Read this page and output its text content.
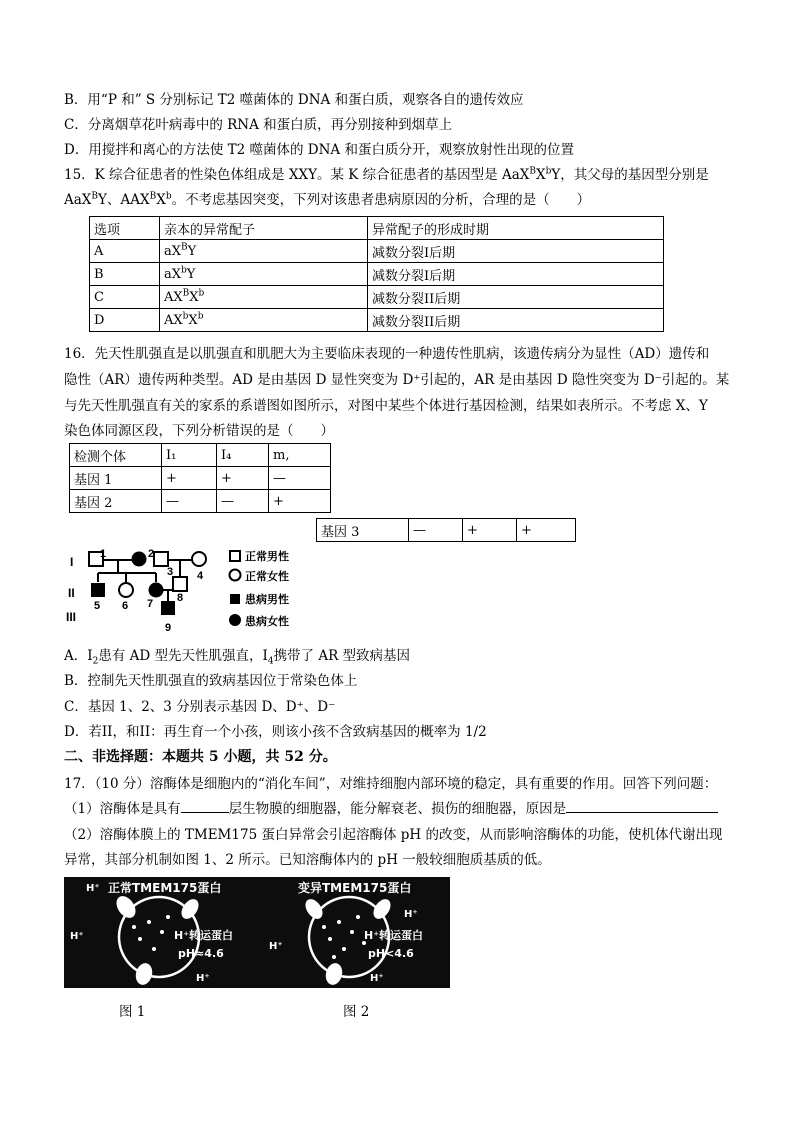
B．用“P 和” S 分别标记 T2 噬菌体的 DNA 和蛋白质，观察各自的遗传效应
C．分离烟草花叶病毒中的 RNA 和蛋白质，再分别接种到烟草上
D．用搅拌和离心的方法使 T2 噬菌体的 DNA 和蛋白质分开，观察放射性出现的位置
15．K 综合征患者的性染色体组成是 XXY。某 K 综合征患者的基因型是 $AaX^BX^bY$，其父母的基因型分别是
AaX$^B$Y、$AAX^BX^b$。不考虑基因突变，下列对该患者患病原因的分析，合理的是（　　）
选项	亲本的异常配子	异常配子的形成时期
A	$aX^BY$	减数分裂I后期
B	$aX^bY$	减数分裂I后期
C	$AX^BX^b$	减数分裂II后期
D	$AX^bX^b$	减数分裂II后期
16．先天性肌强直是以肌强直和肌肥大为主要临床表现的一种遗传性肌病，该遗传病分为显性（AD）遗传和
隐性（AR）遗传两种类型。AD 是由基因 D 显性突变为 D⁺引起的，AR 是由基因 D 隐性突变为 D⁻引起的。某
与先天性肌强直有关的家系的系谱图如图所示，对图中某些个体进行基因检测，结果如表所示。不考虑 X、Y
染色体同源区段，下列分析错误的是（　　）
检测个体	I₁	I₄	m,
基因 1	+	+	—
基因 2	—	—	+
基因 3	—	+	+
I
II
III
1	2
3 4
5 6 7 8
9
正常男性
正常女性
患病男性
患病女性
A．$I_2$患有 AD 型先天性肌强直，$I_4$携带了 AR 型致病基因
B．控制先天性肌强直的致病基因位于常染色体上
C．基因 1、2、3 分别表示基因 D、D⁺、D⁻
D．若II，和II：再生育一个小孩，则该小孩不含致病基因的概率为 1/2
二、非选择题：本题共 5 小题，共 52 分。
17．（10 分）溶酶体是细胞内的“消化车间”，对维持细胞内部环境的稳定，具有重要的作用。回答下列问题：
（1）溶酶体是具有	层生物膜的细胞器，能分解衰老、损伤的细胞器，原因是
（2）溶酶体膜上的 TMEM175 蛋白异常会引起溶酶体 pH 的改变，从而影响溶酶体的功能，使机体代谢出现
异常，其部分机制如图 1、2 所示。已知溶酶体内的 pH 一般较细胞质基质的低。
正常TMEM175蛋白
H⁺
H⁺	H⁺转运蛋白
pH≈4.6
H⁺
变异TMEM175蛋白
H⁺
H⁺
H⁺转运蛋白
pH<4.6
H⁺
图 1	图 2
